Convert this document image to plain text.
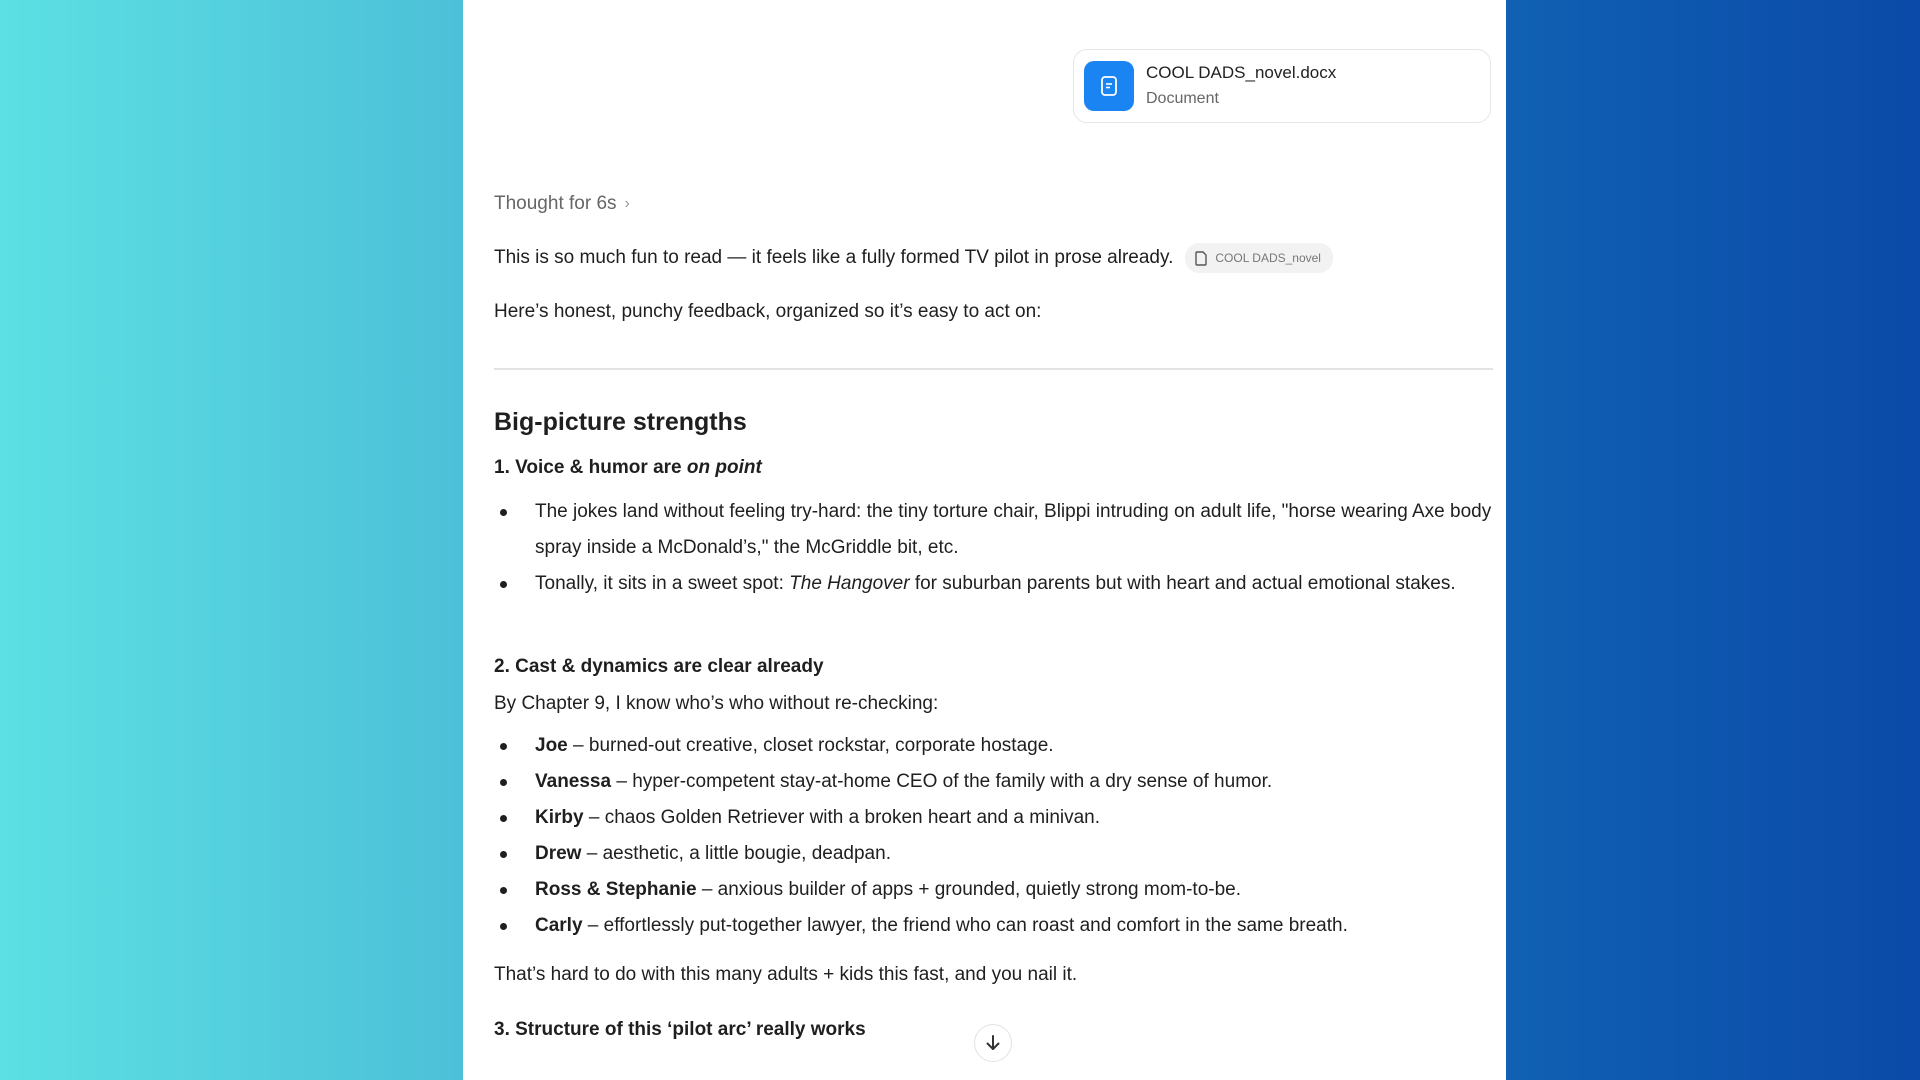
COOL DADS_novel.docx
Document
Thought for 6s ›
This is so much fun to read — it feels like a fully formed TV pilot in prose already.	COOL DADS_novel
Here’s honest, punchy feedback, organized so it’s easy to act on:
Big-picture strengths
1. Voice & humor are on point
The jokes land without feeling try-hard: the tiny torture chair, Blippi intruding on adult life, "horse wearing Axe body spray inside a McDonald’s," the McGriddle bit, etc.
Tonally, it sits in a sweet spot: The Hangover for suburban parents but with heart and actual emotional stakes.
2. Cast & dynamics are clear already
By Chapter 9, I know who’s who without re-checking:
Joe – burned-out creative, closet rockstar, corporate hostage.
Vanessa – hyper-competent stay-at-home CEO of the family with a dry sense of humor.
Kirby – chaos Golden Retriever with a broken heart and a minivan.
Drew – aesthetic, a little bougie, deadpan.
Ross & Stephanie – anxious builder of apps + grounded, quietly strong mom-to-be.
Carly – effortlessly put-together lawyer, the friend who can roast and comfort in the same breath.
That’s hard to do with this many adults + kids this fast, and you nail it.
3. Structure of this ‘pilot arc’ really works
